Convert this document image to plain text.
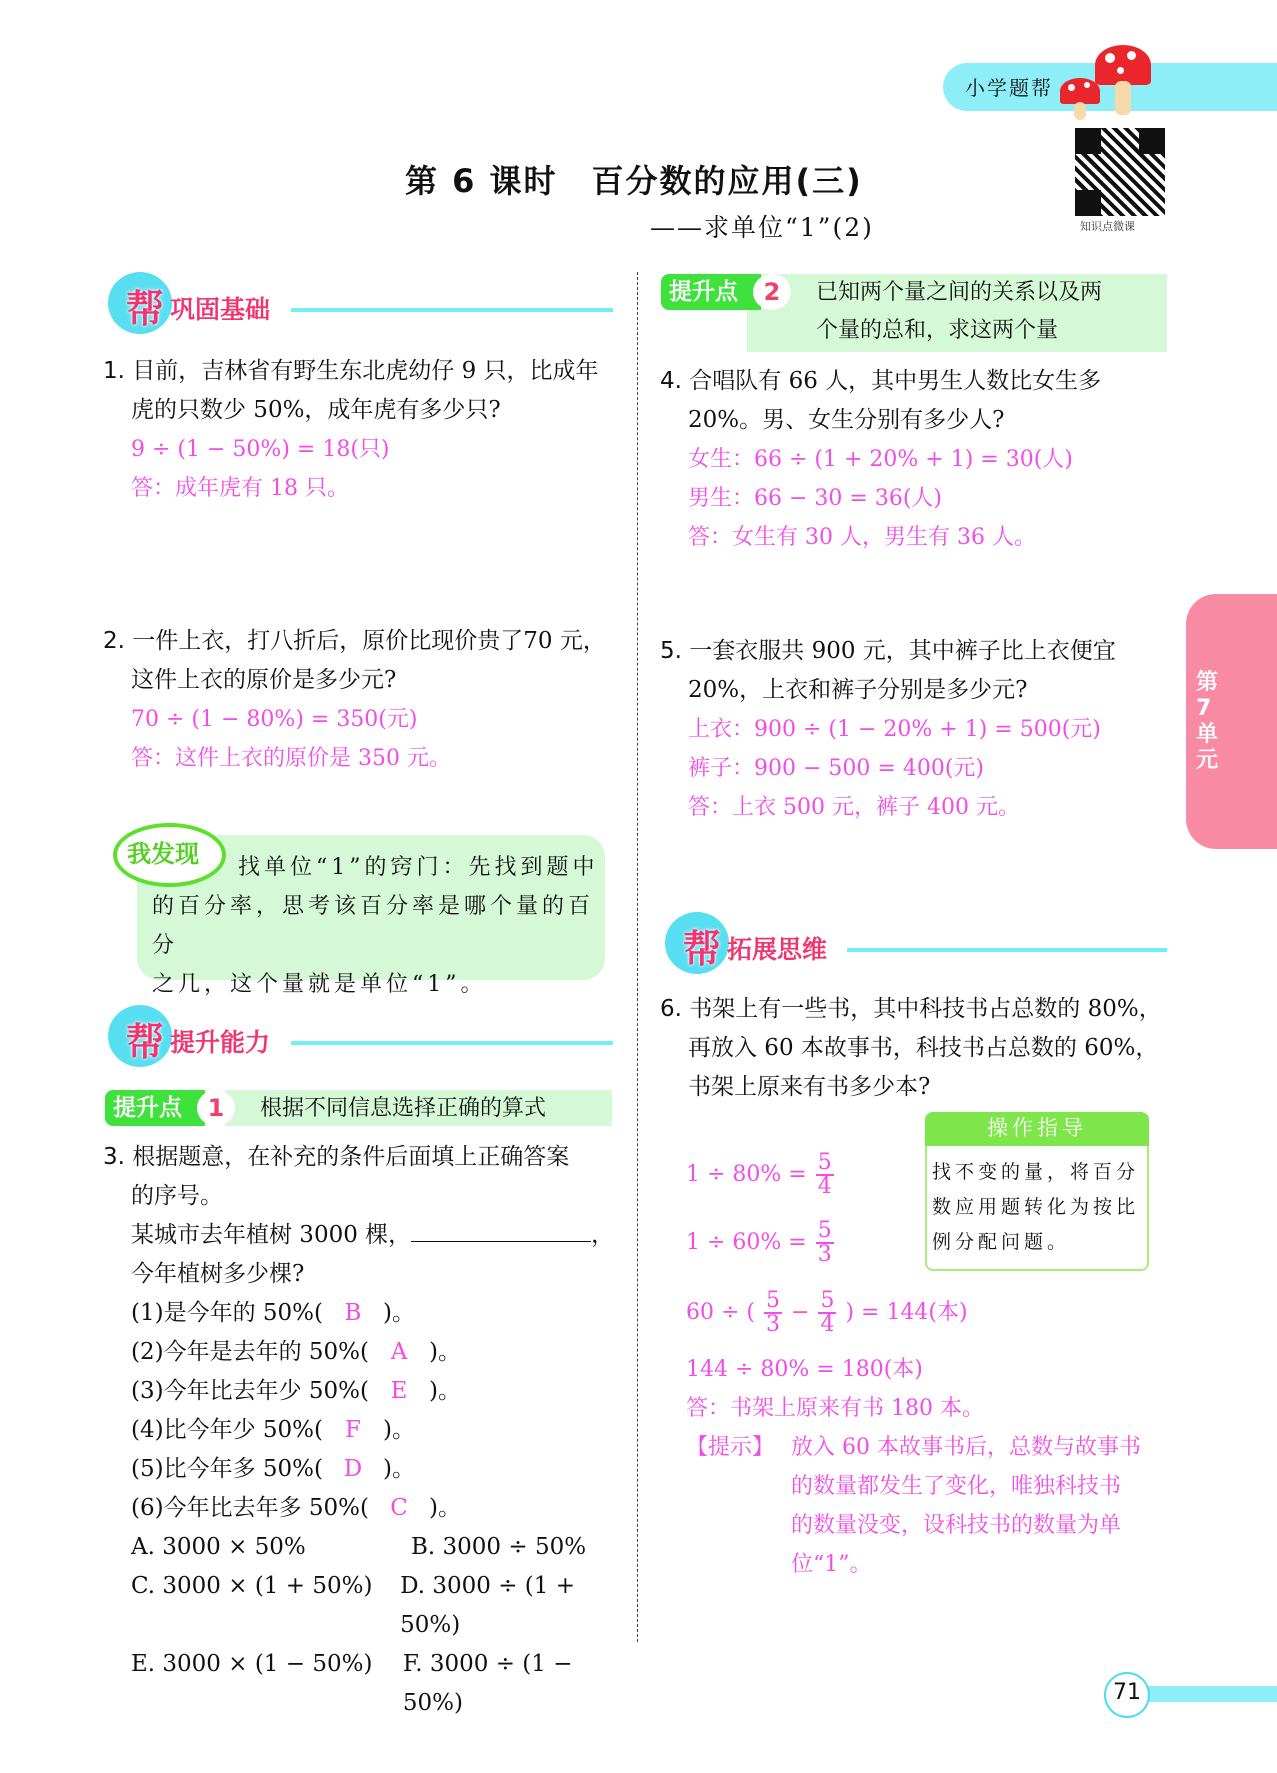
小学题帮
知识点微课
第 6 课时　百分数的应用(三)
——求单位“1”(2)
帮 巩固基础
1. 目前，吉林省有野生东北虎幼仔 9 只，比成年
虎的只数少 50%，成年虎有多少只?
9 ÷ (1 − 50%) = 18(只)
答：成年虎有 18 只。
2. 一件上衣，打八折后，原价比现价贵了70 元，
这件上衣的原价是多少元?
70 ÷ (1 − 80%) = 350(元)
答：这件上衣的原价是 350 元。
我发现	找单位“1”的窍门：先找到题中
的百分率，思考该百分率是哪个量的百分
之几，这个量就是单位“1”。
帮 提升能力
提升点	1	根据不同信息选择正确的算式
3. 根据题意，在补充的条件后面填上正确答案
的序号。
某城市去年植树 3000 棵，	，
今年植树多少棵?
(1)是今年的 50%( B )。
(2)今年是去年的 50%( A )。
(3)今年比去年少 50%( E )。
(4)比今年少 50%( F )。
(5)比今年多 50%( D )。
(6)今年比去年多 50%( C )。
A. 3000 × 50%	B. 3000 ÷ 50%
C. 3000 × (1 + 50%)	D. 3000 ÷ (1 + 50%)
E. 3000 × (1 − 50%)	F. 3000 ÷ (1 − 50%)
提升点	2	已知两个量之间的关系以及两
个量的总和，求这两个量
4. 合唱队有 66 人，其中男生人数比女生多
20%。男、女生分别有多少人?
女生：66 ÷ (1 + 20% + 1) = 30(人)
男生：66 − 30 = 36(人)
答：女生有 30 人，男生有 36 人。
5. 一套衣服共 900 元，其中裤子比上衣便宜
20%，上衣和裤子分别是多少元?
上衣：900 ÷ (1 − 20% + 1) = 500(元)
裤子：900 − 500 = 400(元)
答：上衣 500 元，裤子 400 元。
帮 拓展思维
6. 书架上有一些书，其中科技书占总数的 80%，
再放入 60 本故事书，科技书占总数的 60%，
书架上原来有书多少本?
操作指导
找不变的量，将百分
数应用题转化为按比
例分配问题。
$1 \div 80\% = \frac{5}{4}$
$1 \div 60\% = \frac{5}{3}$
60 ÷ ( $\frac{5}{3} - \frac{5}{4}$ ) = 144(本)
144 ÷ 80% = 180(本)
答：书架上原来有书 180 本。
【提示】 放入 60 本故事书后，总数与故事书
的数量都发生了变化，唯独科技书
的数量没变，设科技书的数量为单
位“1”。
第7单元
71
